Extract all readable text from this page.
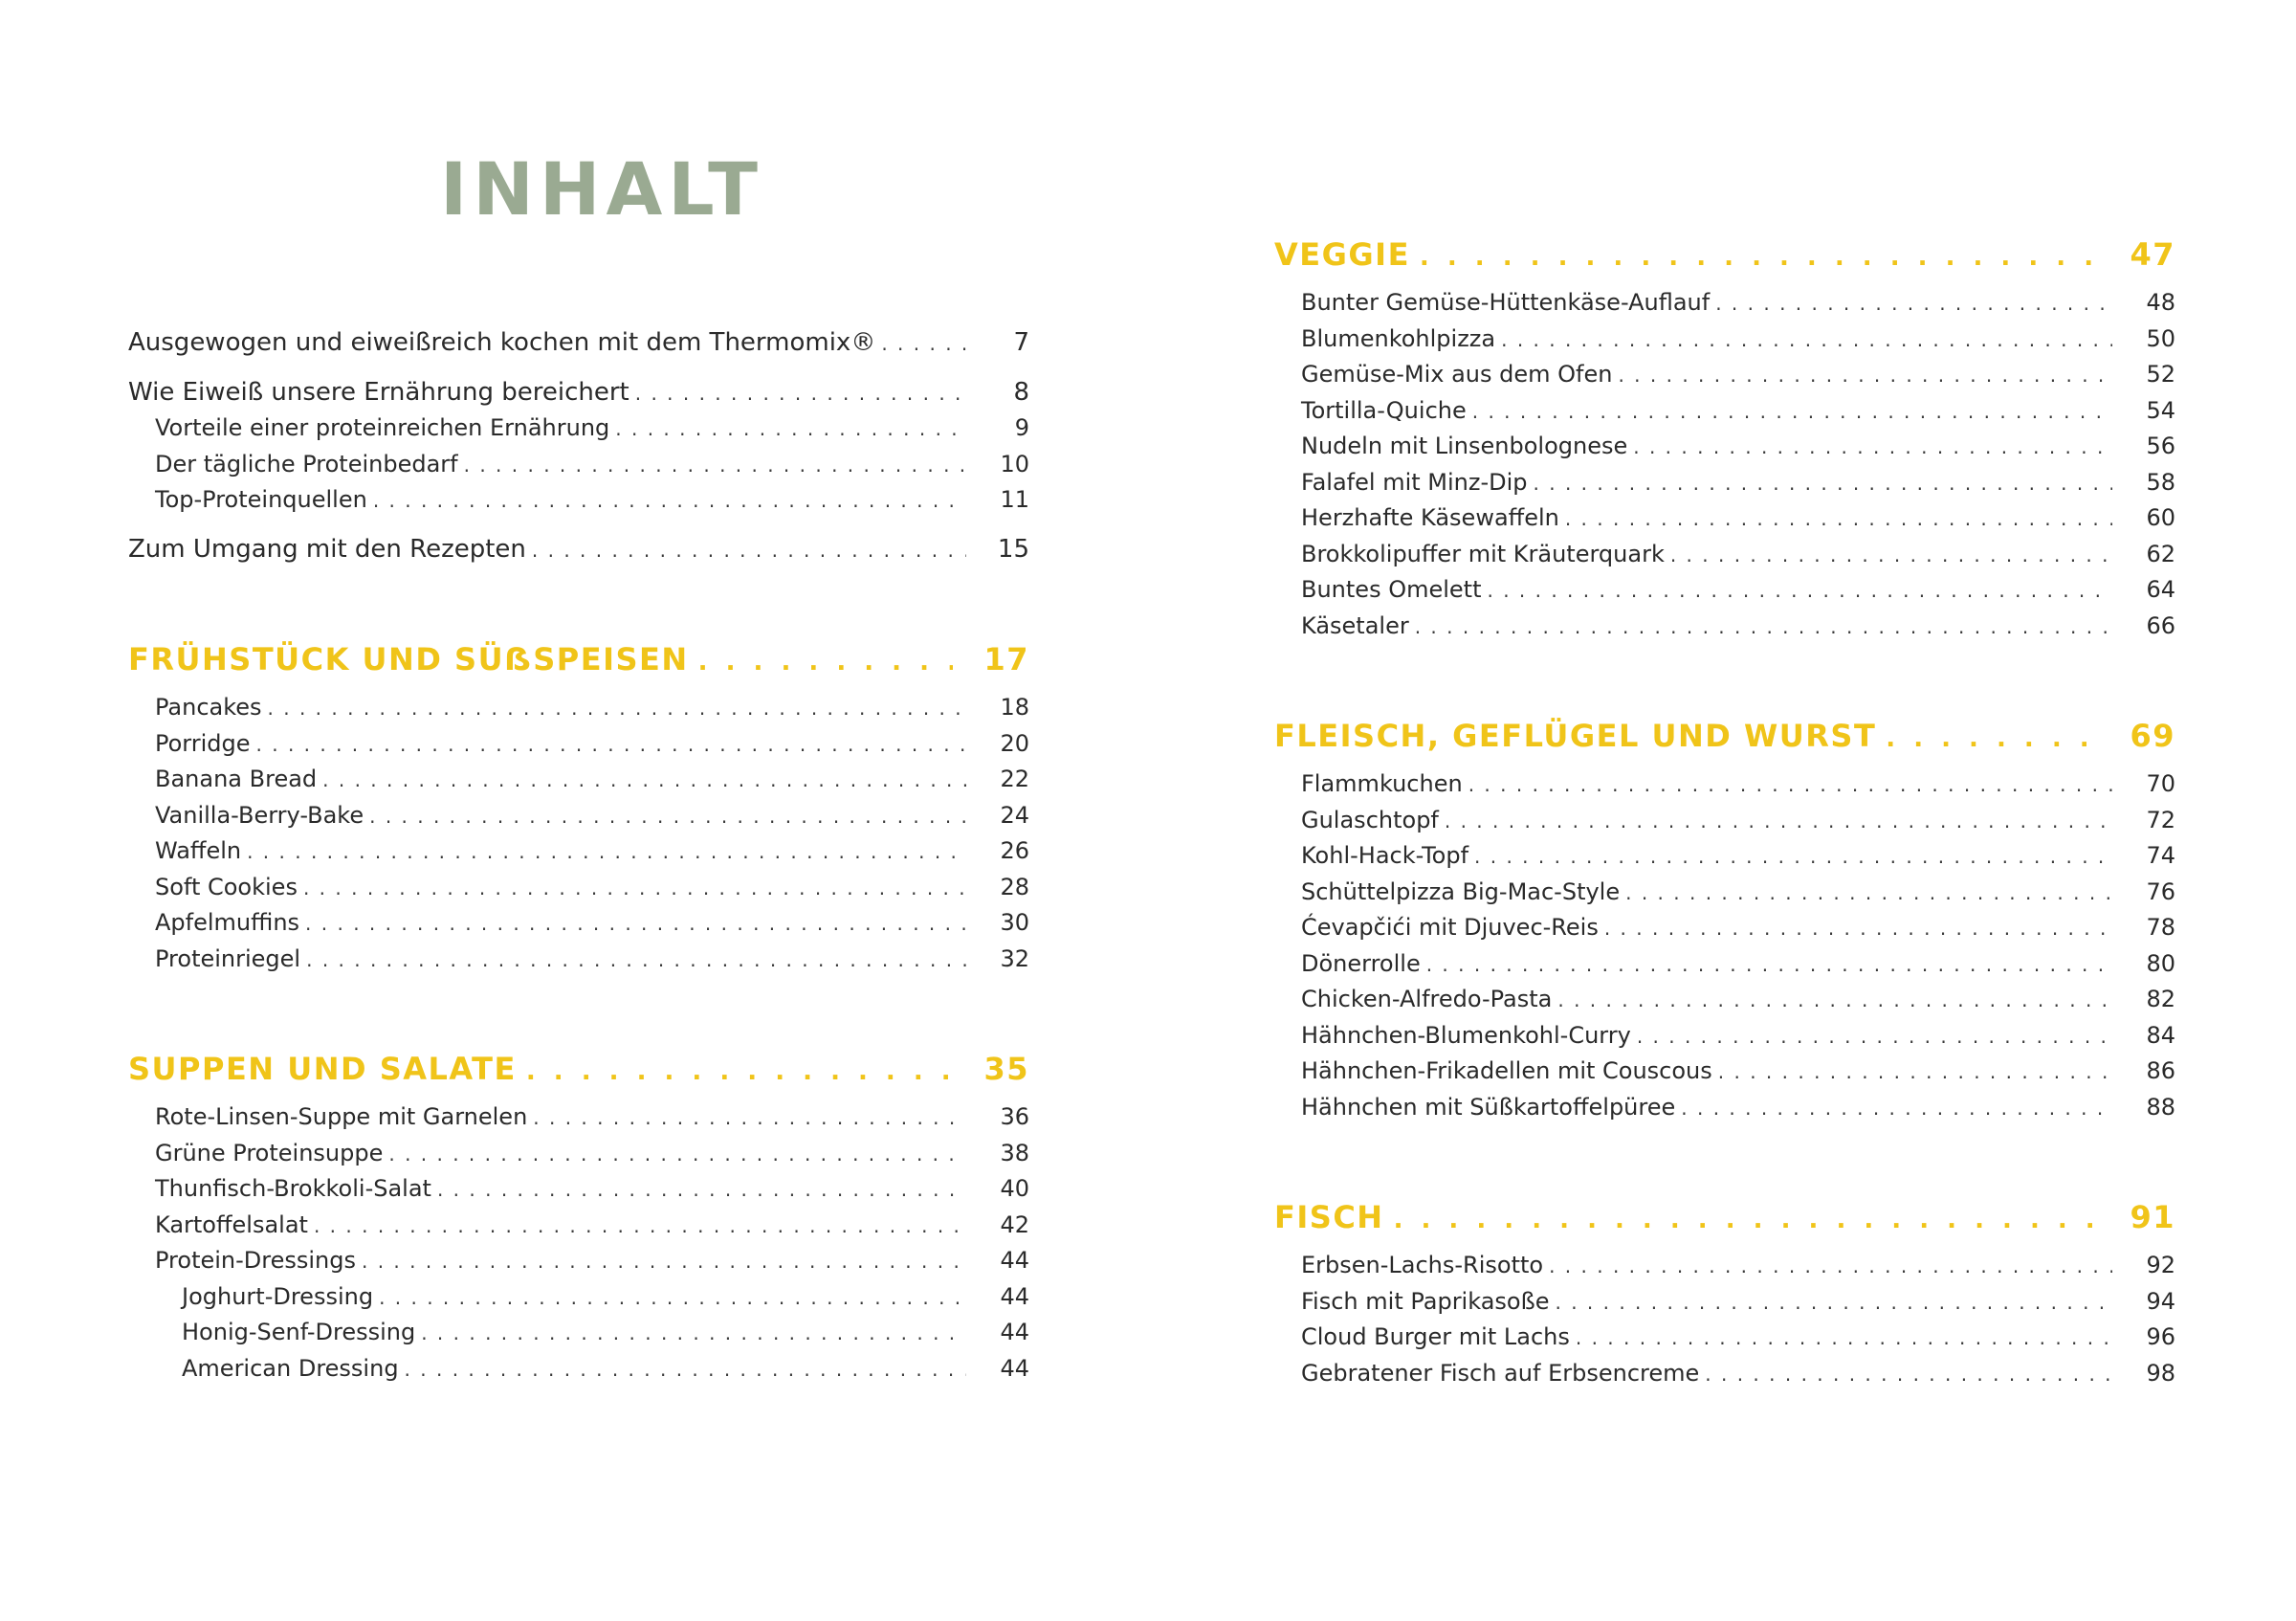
INHALT
Ausgewogen und eiweißreich kochen mit dem Thermomix® . . .	7
Wie Eiweiß unsere Ernährung bereichert . . .	8
Vorteile einer proteinreichen Ernährung . . .	9
Der tägliche Proteinbedarf . . .	10
Top-Proteinquellen . . .	11
Zum Umgang mit den Rezepten . . .	15
FRÜHSTÜCK UND SÜẞSPEISEN . . .	17
Pancakes . . .	18
Porridge . . .	20
Banana Bread . . .	22
Vanilla-Berry-Bake . . .	24
Waffeln . . .	26
Soft Cookies . . .	28
Apfelmuffins . . .	30
Proteinriegel . . .	32
SUPPEN UND SALATE . . .	35
Rote-Linsen-Suppe mit Garnelen . . .	36
Grüne Proteinsuppe . . .	38
Thunfisch-Brokkoli-Salat . . .	40
Kartoffelsalat . . .	42
Protein-Dressings . . .	44
Joghurt-Dressing . . .	44
Honig-Senf-Dressing . . .	44
American Dressing . . .	44
VEGGIE . . .	47
Bunter Gemüse-Hüttenkäse-Auflauf . . .	48
Blumenkohlpizza . . .	50
Gemüse-Mix aus dem Ofen . . .	52
Tortilla-Quiche . . .	54
Nudeln mit Linsenbolognese . . .	56
Falafel mit Minz-Dip . . .	58
Herzhafte Käsewaffeln . . .	60
Brokkolipuffer mit Kräuterquark . . .	62
Buntes Omelett . . .	64
Käsetaler . . .	66
FLEISCH, GEFLÜGEL UND WURST . . .	69
Flammkuchen . . .	70
Gulaschtopf . . .	72
Kohl-Hack-Topf . . .	74
Schüttelpizza Big-Mac-Style . . .	76
Ćevapčići mit Djuvec-Reis . . .	78
Dönerrolle . . .	80
Chicken-Alfredo-Pasta . . .	82
Hähnchen-Blumenkohl-Curry . . .	84
Hähnchen-Frikadellen mit Couscous . . .	86
Hähnchen mit Süßkartoffelpüree . . .	88
FISCH . . .	91
Erbsen-Lachs-Risotto . . .	92
Fisch mit Paprikasoße . . .	94
Cloud Burger mit Lachs . . .	96
Gebratener Fisch auf Erbsencreme . . .	98
